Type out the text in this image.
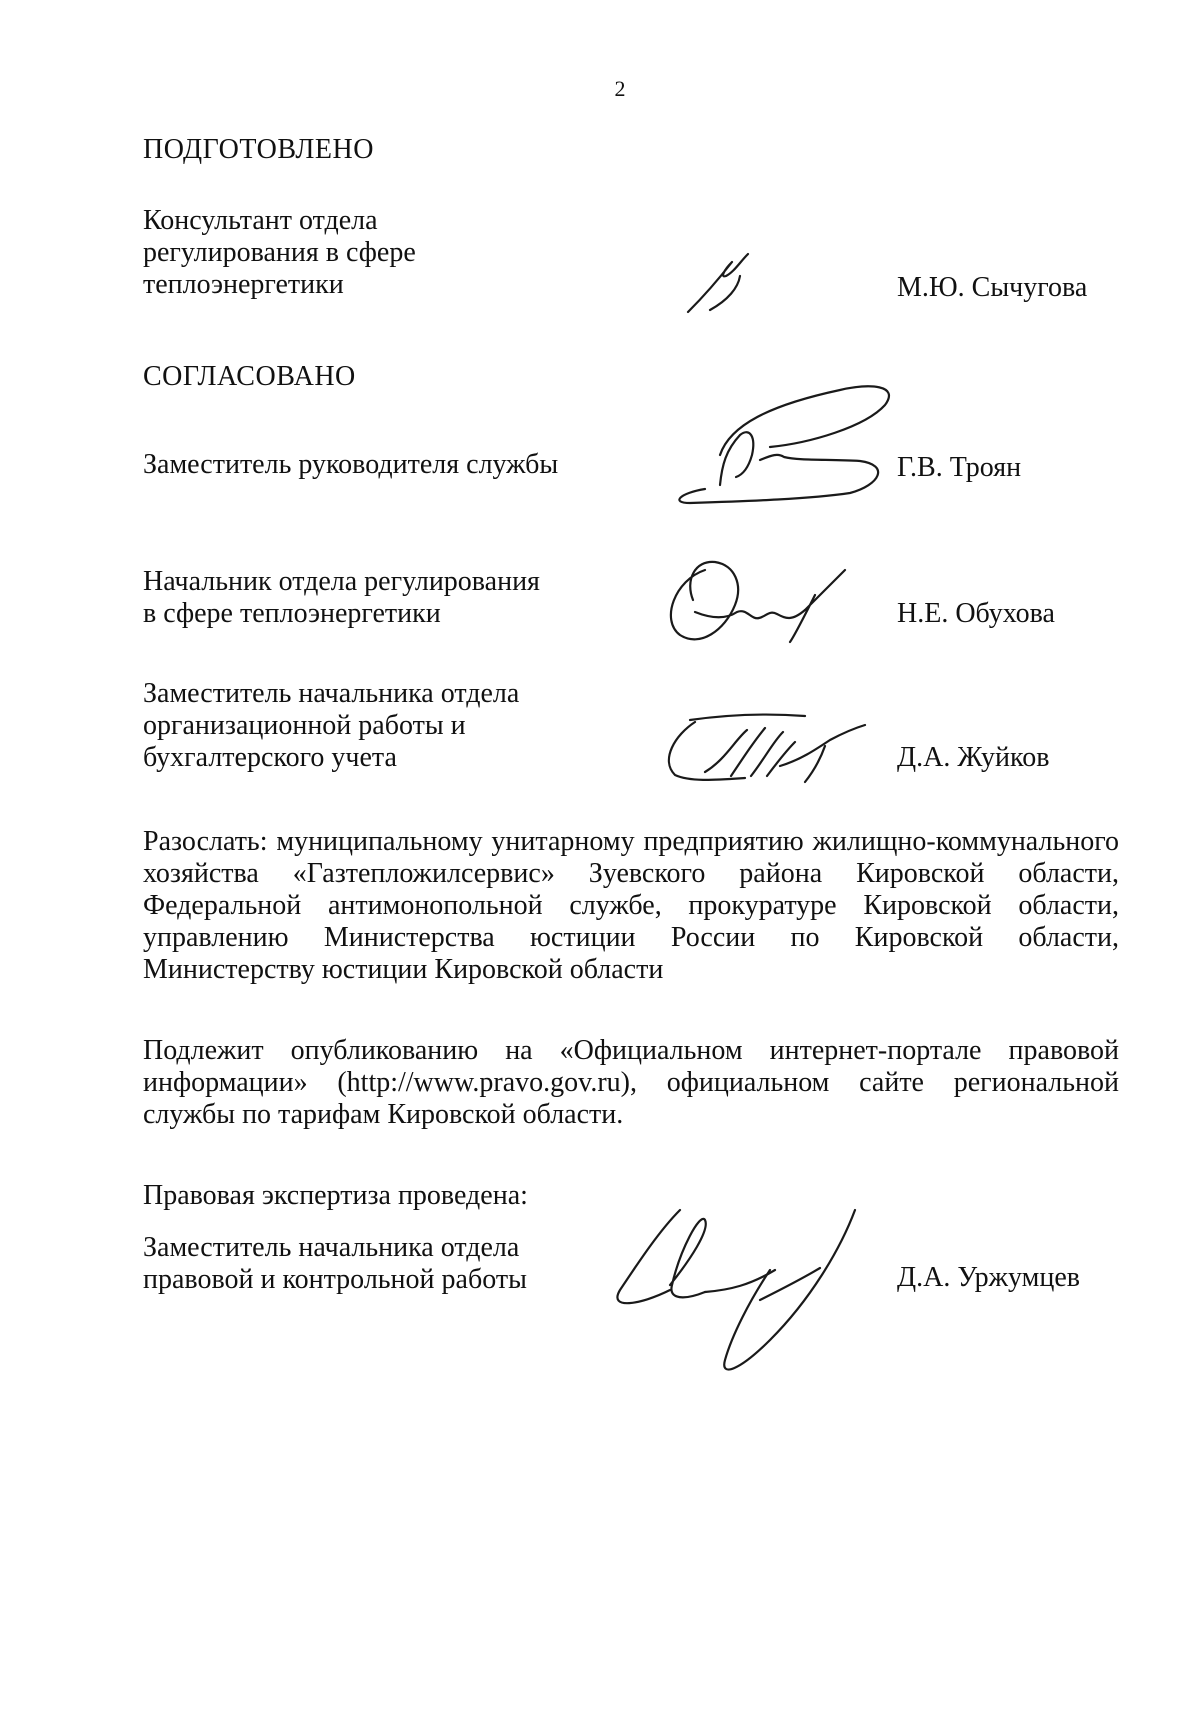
2
ПОДГОТОВЛЕНО
Консультант отдела
регулирования в сфере
теплоэнергетики	М.Ю. Сычугова
СОГЛАСОВАНО
Заместитель руководителя службы	Г.В. Троян
Начальник отдела регулирования
в сфере теплоэнергетики	Н.Е. Обухова
Заместитель начальника отдела
организационной работы и
бухгалтерского учета	Д.А. Жуйков

Разослать: муниципальному унитарному предприятию жилищно-коммунального хозяйства «Газтепложилсервис» Зуевского района Кировской области, Федеральной антимонопольной службе, прокуратуре Кировской области, управлению Министерства юстиции России по Кировской области, Министерству юстиции Кировской области

Подлежит опубликованию на «Официальном интернет-портале правовой информации» (http://www.pravo.gov.ru), официальном сайте региональной службы по тарифам Кировской области.

Правовая экспертиза проведена:
Заместитель начальника отдела
правовой и контрольной работы	Д.А. Уржумцев
